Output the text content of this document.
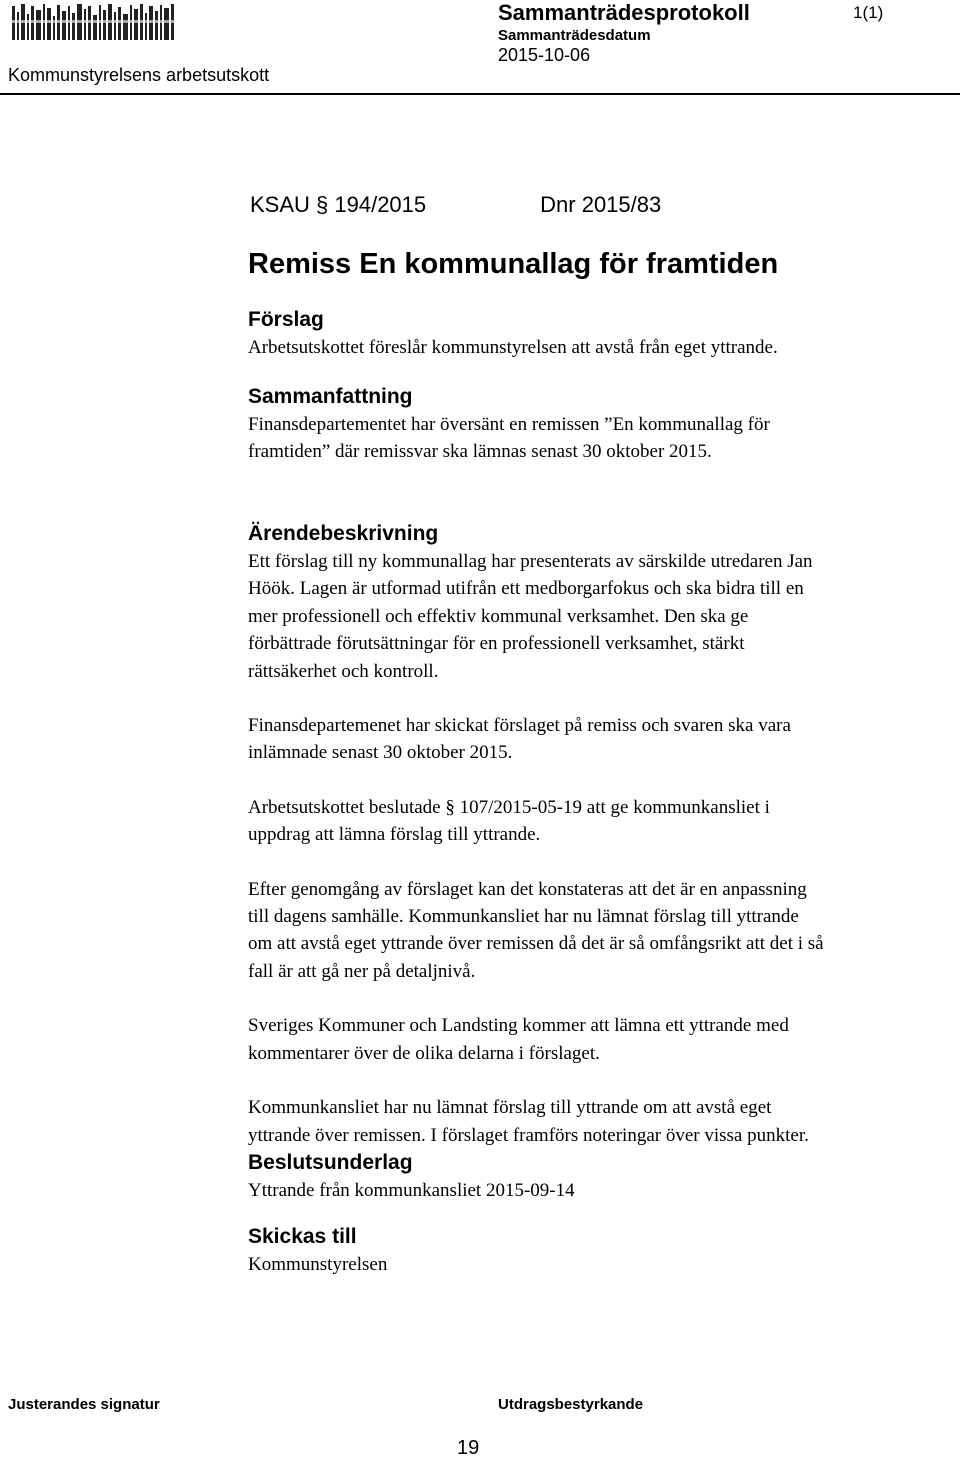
Sammanträdesprotokoll
Sammanträdesdatum
2015-10-06
1(1)
Kommunstyrelsens arbetsutskott
KSAU § 194/2015	Dnr 2015/83
Remiss En kommunallag för framtiden
Förslag

Arbetsutskottet föreslår kommunstyrelsen att avstå från eget yttrande.

Sammanfattning

Finansdepartementet har översänt en remissen ”En kommunallag för
framtiden” där remissvar ska lämnas senast 30 oktober 2015.

Ärendebeskrivning

Ett förslag till ny kommunallag har presenterats av särskilde utredaren Jan
Höök. Lagen är utformad utifrån ett medborgarfokus och ska bidra till en
mer professionell och effektiv kommunal verksamhet. Den ska ge
förbättrade förutsättningar för en professionell verksamhet, stärkt
rättsäkerhet och kontroll.

Finansdepartemenet har skickat förslaget på remiss och svaren ska vara
inlämnade senast 30 oktober 2015.

Arbetsutskottet beslutade § 107/2015-05-19 att ge kommunkansliet i
uppdrag att lämna förslag till yttrande.

Efter genomgång av förslaget kan det konstateras att det är en anpassning
till dagens samhälle. Kommunkansliet har nu lämnat förslag till yttrande
om att avstå eget yttrande över remissen då det är så omfångsrikt att det i så
fall är att gå ner på detaljnivå.

Sveriges Kommuner och Landsting kommer att lämna ett yttrande med
kommentarer över de olika delarna i förslaget.

Kommunkansliet har nu lämnat förslag till yttrande om att avstå eget
yttrande över remissen. I förslaget framförs noteringar över vissa punkter.

Beslutsunderlag

Yttrande från kommunkansliet 2015-09-14

Skickas till

Kommunstyrelsen

Justerandes signatur	Utdragsbestyrkande
19
